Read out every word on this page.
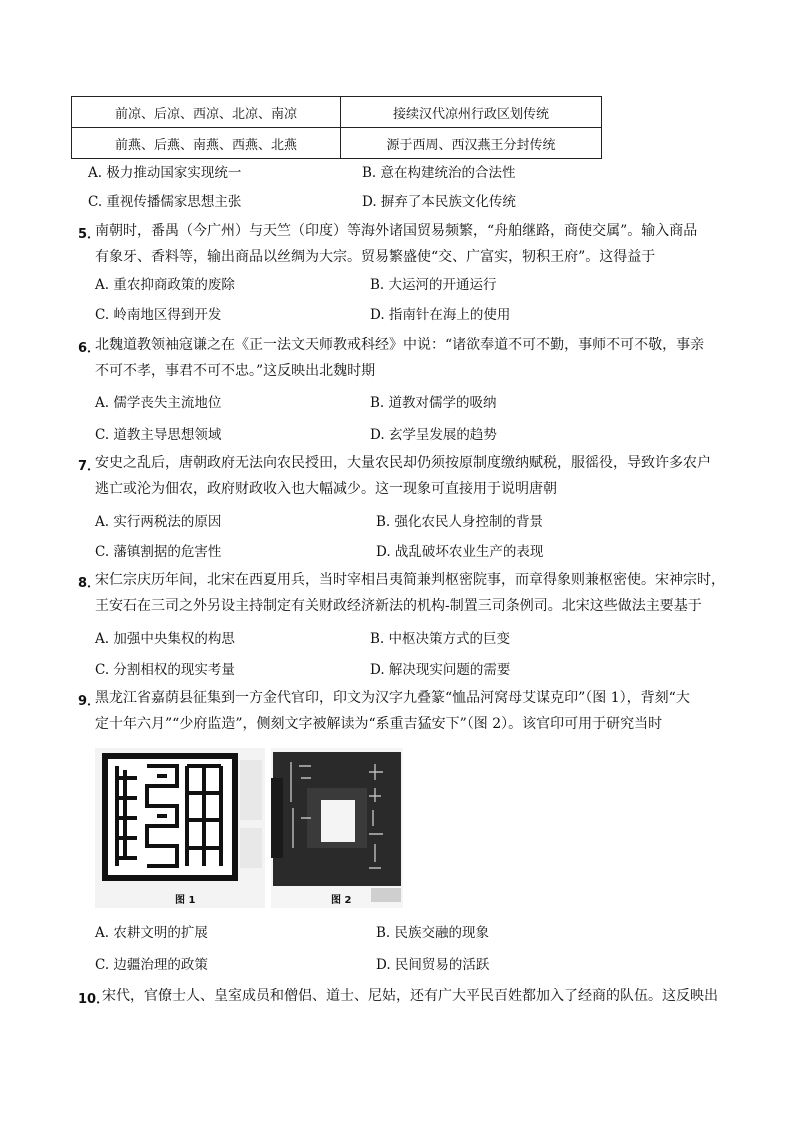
前凉、后凉、西凉、北凉、南凉	接续汉代凉州行政区划传统
前燕、后燕、南燕、西燕、北燕	源于西周、西汉燕王分封传统
A. 极力推动国家实现统一	B. 意在构建统治的合法性
C. 重视传播儒家思想主张	D. 摒弃了本民族文化传统
5．
南朝时，番禺（今广州）与天竺（印度）等海外诸国贸易频繁，“舟舶继路，商使交属”。输入商品
有象牙、香料等，输出商品以丝绸为大宗。贸易繁盛使“交、广富实，牣积王府”。这得益于
A. 重农抑商政策的废除	B. 大运河的开通运行
C. 岭南地区得到开发	D. 指南针在海上的使用
6．
北魏道教领袖寇谦之在《正一法文天师教戒科经》中说：“诸欲奉道不可不勤，事师不可不敬，事亲
不可不孝，事君不可不忠。”这反映出北魏时期
A. 儒学丧失主流地位	B. 道教对儒学的吸纳
C. 道教主导思想领域	D. 玄学呈发展的趋势
7．
安史之乱后，唐朝政府无法向农民授田，大量农民却仍须按原制度缴纳赋税，服徭役，导致许多农户
逃亡或沦为佃农，政府财政收入也大幅减少。这一现象可直接用于说明唐朝
A. 实行两税法的原因	B. 强化农民人身控制的背景
C. 藩镇割据的危害性	D. 战乱破坏农业生产的表现
8．
宋仁宗庆历年间，北宋在西夏用兵，当时宰相吕夷简兼判枢密院事，而章得象则兼枢密使。宋神宗时，
王安石在三司之外另设主持制定有关财政经济新法的机构-制置三司条例司。北宋这些做法主要基于
A. 加强中央集权的构思	B. 中枢决策方式的巨变
C. 分割相权的现实考量	D. 解决现实问题的需要
9．
黑龙江省嘉荫县征集到一方金代官印，印文为汉字九叠篆“恤品河窝母艾谋克印”（图 1），背刻“大
定十年六月”“少府监造”，侧刻文字被解读为“系重吉猛安下”（图 2）。该官印可用于研究当时
图 1	图 2
A. 农耕文明的扩展	B. 民族交融的现象
C. 边疆治理的政策	D. 民间贸易的活跃
10．
宋代，官僚士人、皇室成员和僧侣、道士、尼姑，还有广大平民百姓都加入了经商的队伍。这反映出
